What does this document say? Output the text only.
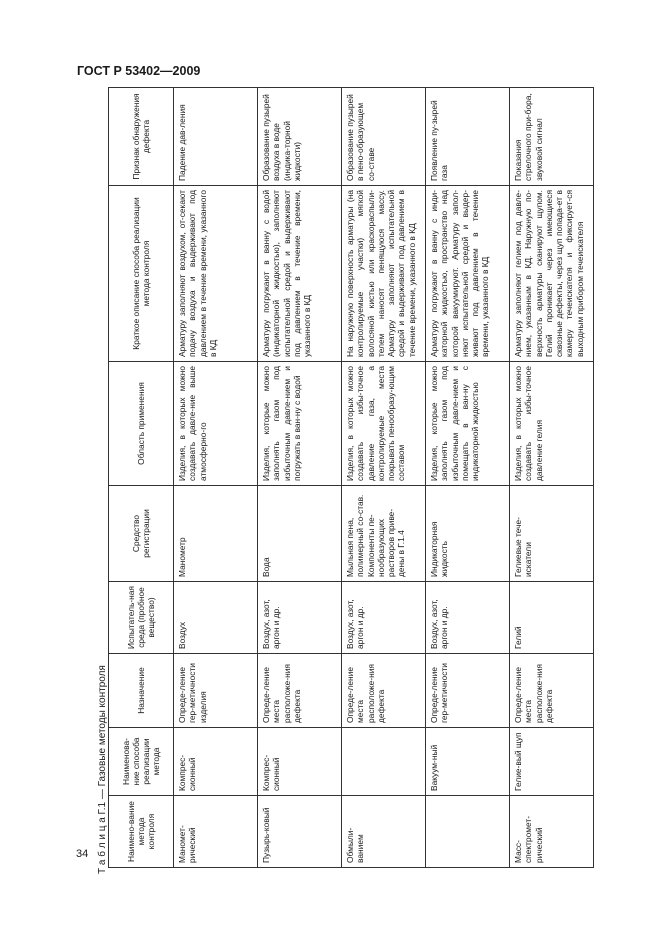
ГОСТ Р 53402—2009
34 Т а б л и ц а Г.1 — Газовые методы контроля	Наимено-вание метода контроля	Наименова-ние способа реализации метода	Назначение	Испытатель-ная среда (пробное вещество)	Средство регистрации	Область применения	Краткое описание способа реализации метода контроля	Признак обнаружения дефекта
Маномет-рический	Компрес-сионный	Опреде-ление гер-метичности изделия	Воздух	Манометр	Изделия, в которых можно создавать давле-ние выше атмосферно-го	Арматуру заполняют воздухом, от-секают подачу воздуха и выдерживают под давлением в течение времени, указанного в КД	Падение дав-ления
Пузырь-ковый	Компрес-сионный	Опреде-ление места расположе-ния дефекта	Воздух, азот, аргон и др.	Вода	Изделия, которые можно заполнять газом под избыточным давле-нием и погружать в ван-ну с водой	Арматуру погружают в ванну с водой (индикаторной жидкостью), заполняют испытательной средой и выдерживают под давлением в течение времени, указанного в КД	Образование пузырей воздуха в воде (индика-торной жидкости)
Обмыли-ванием		Опреде-ление места расположе-ния дефекта	Воздух, азот, аргон и др.	Мыльная пена, полимерный со-став. Компоненты пе-нообразующих растворов приве-дены в Г.1.4	Изделия, в которых можно создавать избы-точное давление газа, а контролируемые места покрывать пенообразу-ющим составом	На наружную поверхность арматуры (на контролируемые участки) мягкой волосяной кистью или краскораспыли-телем наносят пенящуюся массу. Арматуру заполняют испытательной средой и выдерживают под давлением в течение времени, указанного в КД	Образование пузырей в пено-образующем со-ставе
	Вакуум-ный	Опреде-ление гер-метичности	Воздух, азот, аргон и др.	Индикаторная жидкость	Изделия, которые можно заполнять газом под избыточным давле-нием и помещать в ван-ну с индикаторной жидкостью	Арматуру погружают в ванну с инди-каторной жидкостью, пространство над которой вакуумируют. Арматуру запол-няют испытательной средой и выдер-живают под давлением в течение времени, указанного в КД	Появление пу-зырей газа
Масс-спектромет-рический	Гелие-вый щуп	Опреде-ление места расположе-ния дефекта	Гелий	Гелиевые тече-искатели	Изделия, в которых можно создавать избы-точное давление гелия	Арматуру заполняют гелием под давле-нием, указанным в КД. Наружную по-верхность арматуры сканируют щупом. Гелий проникает через имеющиеся сквозные дефекты, через щуп попада-ет в камеру течеискателя и фиксирует-ся выходным прибором течеискателя	Показания стрелочного при-бора, звуковой сигнал
